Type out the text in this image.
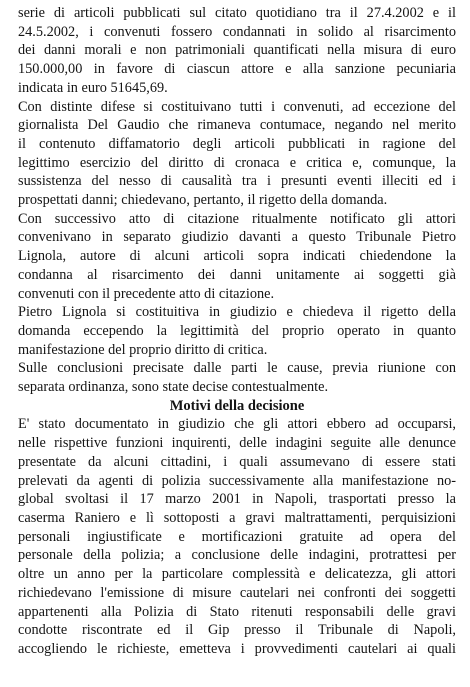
serie di articoli pubblicati sul citato quotidiano tra il 27.4.2002 e il
24.5.2002, i convenuti fossero condannati in solido al risarcimento
dei danni morali e non patrimoniali quantificati nella misura di euro
150.000,00 in favore di ciascun attore e alla sanzione pecuniaria
indicata in euro 51645,69.

Con distinte difese si costituivano tutti i convenuti, ad eccezione del
giornalista Del Gaudio che rimaneva contumace, negando nel merito
il contenuto diffamatorio degli articoli pubblicati in ragione del
legittimo esercizio del diritto di cronaca e critica e, comunque, la
sussistenza del nesso di causalità tra i presunti eventi illeciti ed i
prospettati danni; chiedevano, pertanto, il rigetto della domanda.

Con successivo atto di citazione ritualmente notificato gli attori
convenivano in separato giudizio davanti a questo Tribunale Pietro
Lignola, autore di alcuni articoli sopra indicati chiedendone la
condanna al risarcimento dei danni unitamente ai soggetti già
convenuti con il precedente atto di citazione.

Pietro Lignola si costituitiva in giudizio e chiedeva il rigetto della
domanda eccependo la legittimità del proprio operato in quanto
manifestazione del proprio diritto di critica.

Sulle conclusioni precisate dalle parti le cause, previa riunione con
separata ordinanza, sono state decise contestualmente.

Motivi della decisione

E' stato documentato in giudizio che gli attori ebbero ad occuparsi,
nelle rispettive funzioni inquirenti, delle indagini seguite alle denunce
presentate da alcuni cittadini, i quali assumevano di essere stati
prelevati da agenti di polizia successivamente alla manifestazione no-
global svoltasi il 17 marzo 2001 in Napoli, trasportati presso la
caserma Raniero e lì sottoposti a gravi maltrattamenti, perquisizioni
personali ingiustificate e mortificazioni gratuite ad opera del
personale della polizia; a conclusione delle indagini, protrattesi per
oltre un anno per la particolare complessità e delicatezza, gli attori
richiedevano l'emissione di misure cautelari nei confronti dei soggetti
appartenenti alla Polizia di Stato ritenuti responsabili delle gravi
condotte riscontrate ed il Gip presso il Tribunale di Napoli,
accogliendo le richieste, emetteva i provvedimenti cautelari ai quali
